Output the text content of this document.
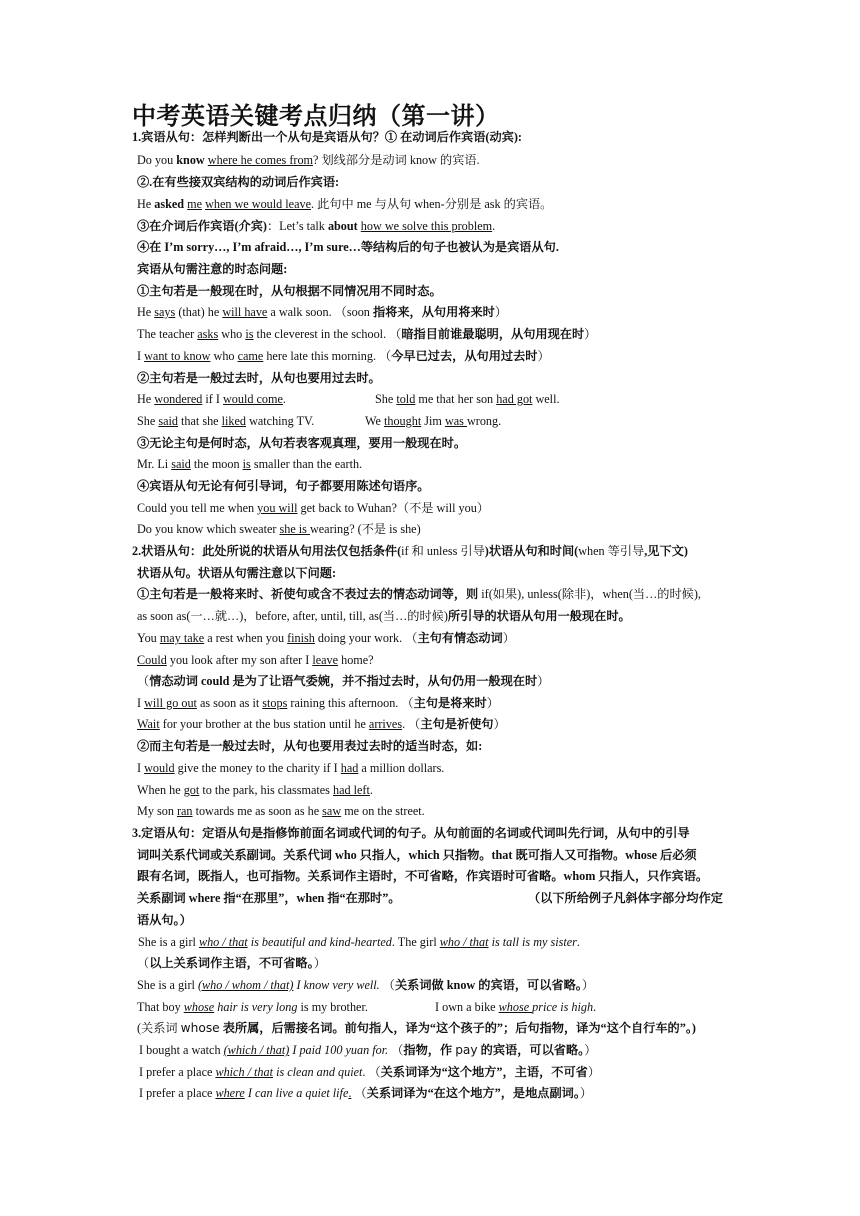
中考英语关键考点归纳（第一讲）
1.宾语从句：怎样判断出一个从句是宾语从句？① 在动词后作宾语(动宾):
Do you know where he comes from? 划线部分是动词 know 的宾语.
②.在有些接双宾结构的动词后作宾语:
He asked me when we would leave. 此句中 me 与从句 when-分别是 ask 的宾语。
③在介词后作宾语(介宾)：Let’s talk about how we solve this problem.
④在 I’m sorry…, I’m afraid…, I’m sure…等结构后的句子也被认为是宾语从句.
宾语从句需注意的时态问题:
①主句若是一般现在时，从句根据不同情况用不同时态。
He says (that) he will have a walk soon. （soon 指将来，从句用将来时）
The teacher asks who is the cleverest in the school. （暗指目前谁最聪明，从句用现在时）
I want to know who came here late this morning. （今早已过去，从句用过去时）
②主句若是一般过去时，从句也要用过去时。
He wondered if I would come.	She told me that her son had got well.
She said that she liked watching TV.	We thought Jim was wrong.
③无论主句是何时态，从句若表客观真理，要用一般现在时。
Mr. Li said the moon is smaller than the earth.
④宾语从句无论有何引导词，句子都要用陈述句语序。
Could you tell me when you will get back to Wuhan?（不是 will you）
Do you know which sweater she is wearing? (不是 is she)
2.状语从句：此处所说的状语从句用法仅包括条件(if 和 unless 引导)状语从句和时间(when 等引导,见下文)
状语从句。状语从句需注意以下问题:
①主句若是一般将来时、祈使句或含不表过去的情态动词等，则 if(如果), unless(除非)，when(当…的时候),
as soon as(一…就…)，before, after, until, till, as(当…的时候)所引导的状语从句用一般现在时。
You may take a rest when you finish doing your work. （主句有情态动词）
Could you look after my son after I leave home?
（情态动词 could 是为了让语气委婉，并不指过去时，从句仍用一般现在时）
I will go out as soon as it stops raining this afternoon. （主句是将来时）
Wait for your brother at the bus station until he arrives. （主句是祈使句）
②而主句若是一般过去时，从句也要用表过去时的适当时态，如:
I would give the money to the charity if I had a million dollars.
When he got to the park, his classmates had left.
My son ran towards me as soon as he saw me on the street.
3.定语从句：定语从句是指修饰前面名词或代词的句子。从句前面的名词或代词叫先行词，从句中的引导
词叫关系代词或关系副词。关系代词 who 只指人，which 只指物。that 既可指人又可指物。whose 后必须
跟有名词，既指人，也可指物。关系词作主语时，不可省略，作宾语时可省略。whom 只指人，只作宾语。
关系副词 where 指“在那里”，when 指“在那时”。	（以下所给例子凡斜体字部分均作定
语从句。）
She is a girl who / that is beautiful and kind-hearted. The girl who / that is tall is my sister.
（以上关系词作主语，不可省略。）
She is a girl (who / whom / that) I know very well. （关系词做 know 的宾语，可以省略。）
That boy whose hair is very long is my brother.	I own a bike whose price is high.
(关系词 whose 表所属，后需接名词。前句指人，译为“这个孩子的”；后句指物，译为“这个自行车的”。)
I bought a watch (which / that) I paid 100 yuan for. （指物，作 pay 的宾语，可以省略。）
I prefer a place which / that is clean and quiet. （关系词译为“这个地方”，主语，不可省）
I prefer a place where I can live a quiet life. （关系词译为“在这个地方”，是地点副词。）
